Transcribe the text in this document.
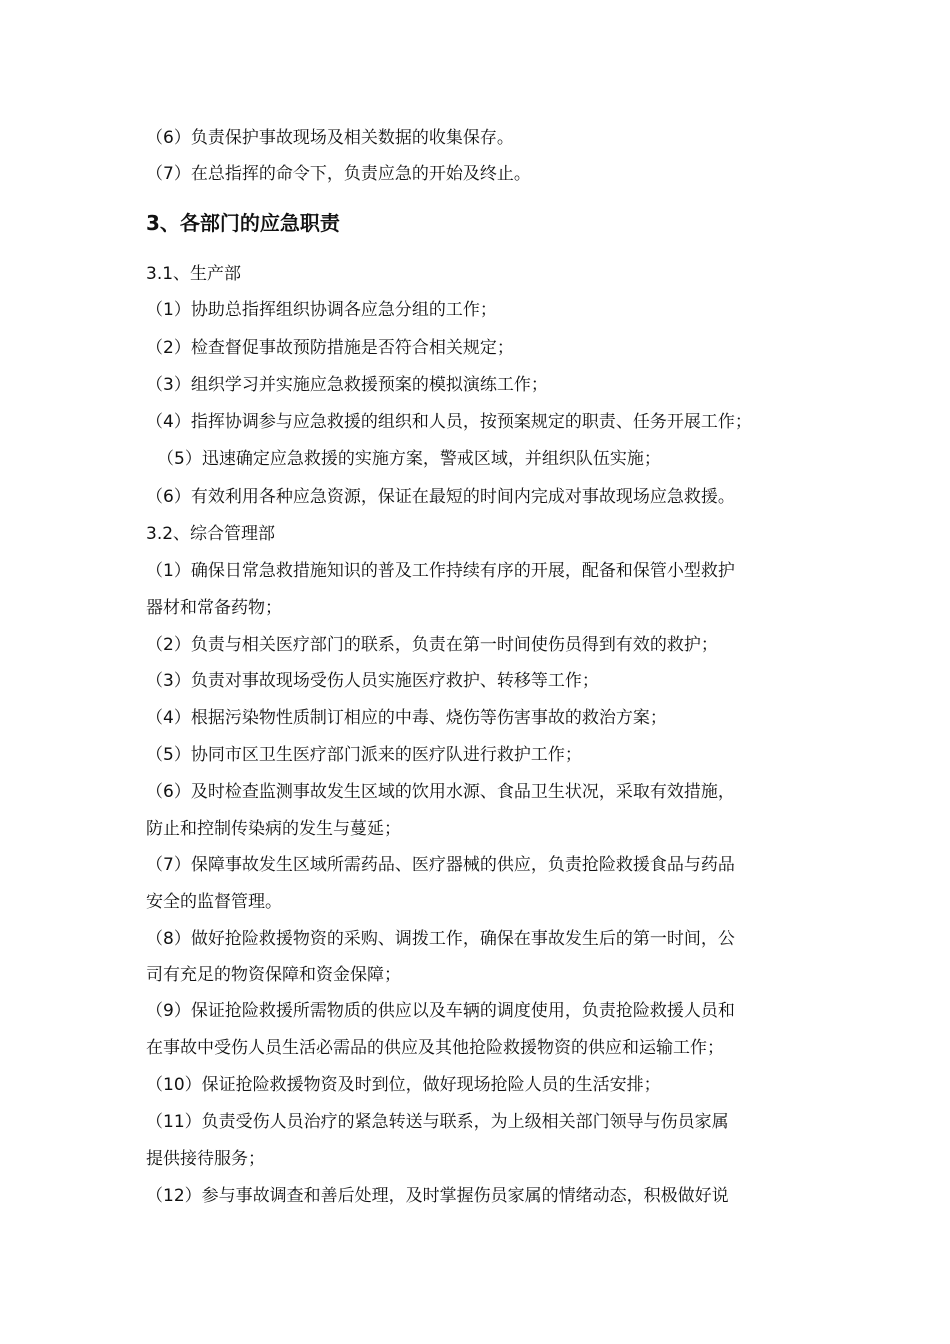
（6）负责保护事故现场及相关数据的收集保存。
（7）在总指挥的命令下，负责应急的开始及终止。
3、各部门的应急职责
3.1、生产部
（1）协助总指挥组织协调各应急分组的工作；
（2）检查督促事故预防措施是否符合相关规定；
（3）组织学习并实施应急救援预案的模拟演练工作；
（4）指挥协调参与应急救援的组织和人员，按预案规定的职责、任务开展工作；
（5）迅速确定应急救援的实施方案，警戒区域，并组织队伍实施；
（6）有效利用各种应急资源，保证在最短的时间内完成对事故现场应急救援。
3.2、综合管理部
（1）确保日常急救措施知识的普及工作持续有序的开展，配备和保管小型救护
器材和常备药物；
（2）负责与相关医疗部门的联系，负责在第一时间使伤员得到有效的救护；
（3）负责对事故现场受伤人员实施医疗救护、转移等工作；
（4）根据污染物性质制订相应的中毒、烧伤等伤害事故的救治方案；
（5）协同市区卫生医疗部门派来的医疗队进行救护工作；
（6）及时检查监测事故发生区域的饮用水源、食品卫生状况，采取有效措施，
防止和控制传染病的发生与蔓延；
（7）保障事故发生区域所需药品、医疗器械的供应，负责抢险救援食品与药品
安全的监督管理。
（8）做好抢险救援物资的采购、调拨工作，确保在事故发生后的第一时间，公
司有充足的物资保障和资金保障；
（9）保证抢险救援所需物质的供应以及车辆的调度使用，负责抢险救援人员和
在事故中受伤人员生活必需品的供应及其他抢险救援物资的供应和运输工作；
（10）保证抢险救援物资及时到位，做好现场抢险人员的生活安排；
（11）负责受伤人员治疗的紧急转送与联系，为上级相关部门领导与伤员家属
提供接待服务；
（12）参与事故调查和善后处理，及时掌握伤员家属的情绪动态，积极做好说
